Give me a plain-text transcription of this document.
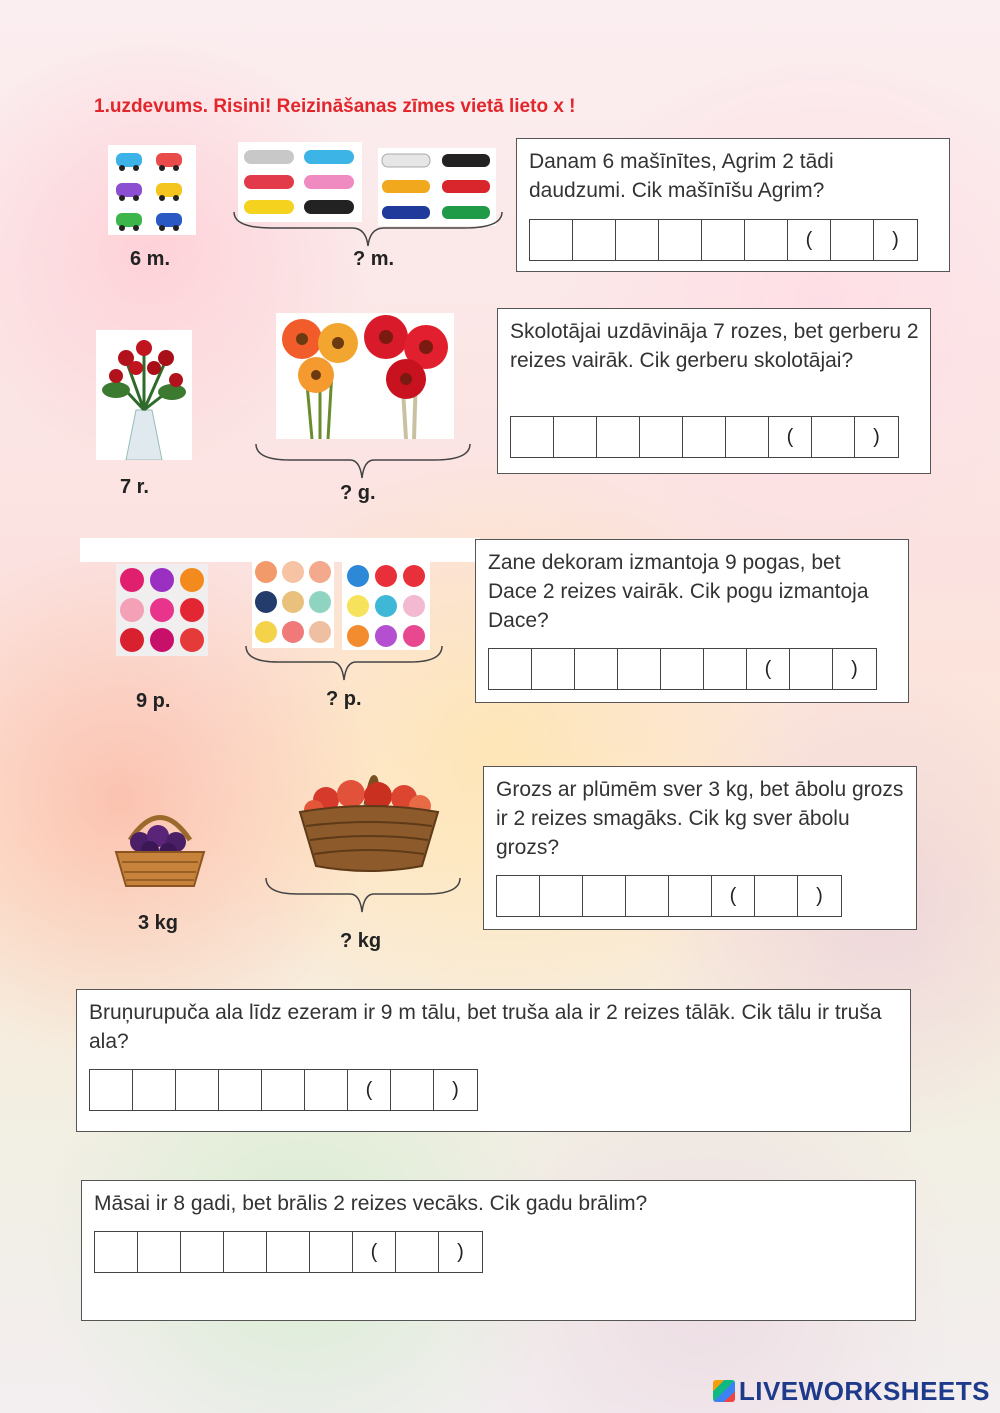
1.uzdevums. Risini! Reizināšanas zīmes vietā lieto x !
6 m.	? m.
Danam 6 mašīnītes, Agrim 2 tādi daudzumi. Cik mašīnīšu Agrim?
(	)
7 r.	? g.
Skolotājai uzdāvināja 7 rozes, bet gerberu 2 reizes vairāk. Cik gerberu skolotājai?
(	)
9 p.	? p.
Zane dekoram izmantoja 9 pogas, bet Dace 2 reizes vairāk. Cik pogu izmantoja Dace?
(	)
3 kg
? kg
Grozs ar plūmēm sver 3 kg, bet ābolu grozs ir 2 reizes smagāks. Cik kg sver ābolu grozs?
(	)
Bruņurupuča ala līdz ezeram ir 9 m tālu, bet truša ala ir 2 reizes tālāk. Cik tālu ir truša ala?
(	)
Māsai ir 8 gadi, bet brālis 2 reizes vecāks. Cik gadu brālim?
(	)
LIVEWORKSHEETS
